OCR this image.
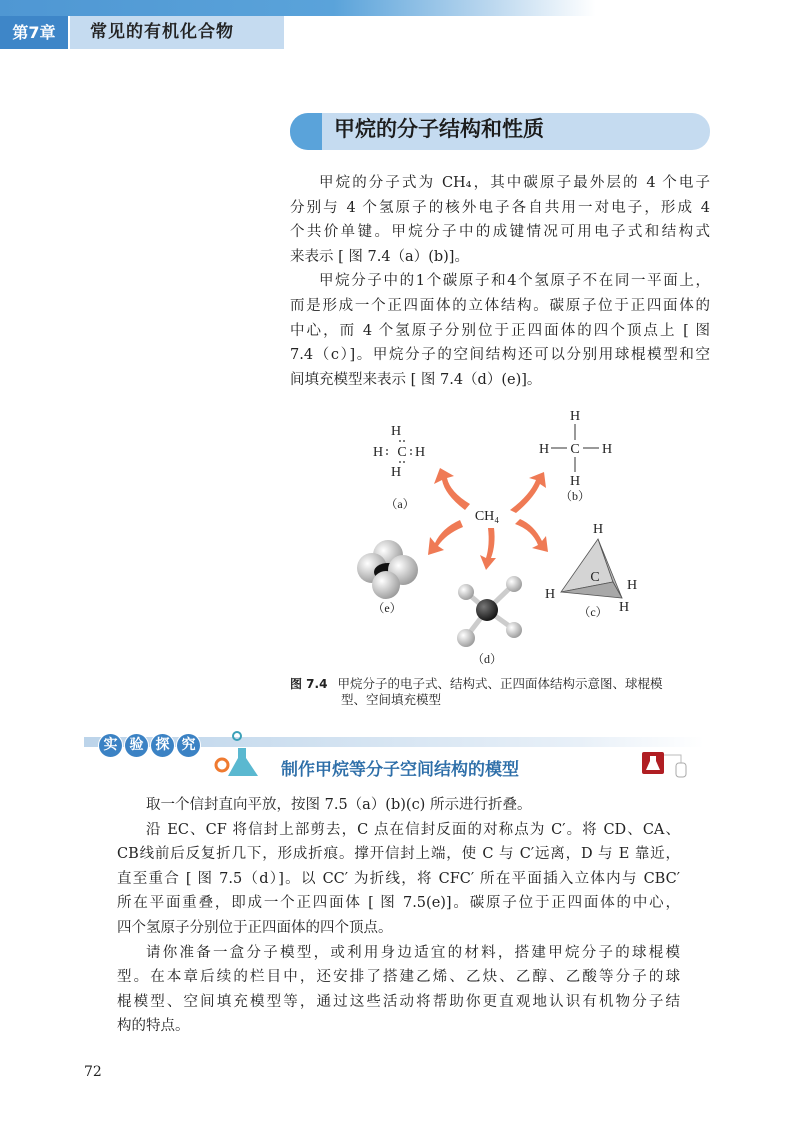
第7章	常见的有机化合物
甲烷的分子结构和性质
甲烷的分子式为 CH₄，其中碳原子最外层的 4 个电子
分别与 4 个氢原子的核外电子各自共用一对电子，形成 4
个共价单键。甲烷分子中的成键情况可用电子式和结构式
来表示 [ 图 7.4（a）(b)]。
甲烷分子中的1个碳原子和4个氢原子不在同一平面上，
而是形成一个正四面体的立体结构。碳原子位于正四面体的
中心，而 4 个氢原子分别位于正四面体的四个顶点上 [ 图
7.4（c）]。甲烷分子的空间结构还可以分别用球棍模型和空
间填充模型来表示 [ 图 7.4（d）(e)]。
H
H C H
H
（a）
H
H C H
H
（b）
CH₄
（e）
（d）
H
C
H
H
H
（c）
图 7.4 甲烷分子的电子式、结构式、正四面体结构示意图、球棍模
型、空间填充模型
实 验 探 究
制作甲烷等分子空间结构的模型
取一个信封直向平放，按图 7.5（a）(b)(c) 所示进行折叠。
沿 EC、CF 将信封上部剪去，C 点在信封反面的对称点为 C′。将 CD、CA、
CB线前后反复折几下，形成折痕。撑开信封上端，使 C 与 C′远离，D 与 E 靠近，
直至重合 [ 图 7.5（d）]。以 CC′ 为折线，将 CFC′ 所在平面插入立体内与 CBC′
所在平面重叠，即成一个正四面体 [ 图 7.5(e)]。碳原子位于正四面体的中心，
四个氢原子分别位于正四面体的四个顶点。
请你准备一盒分子模型，或利用身边适宜的材料，搭建甲烷分子的球棍模
型。在本章后续的栏目中，还安排了搭建乙烯、乙炔、乙醇、乙酸等分子的球
棍模型、空间填充模型等，通过这些活动将帮助你更直观地认识有机物分子结
构的特点。
72
